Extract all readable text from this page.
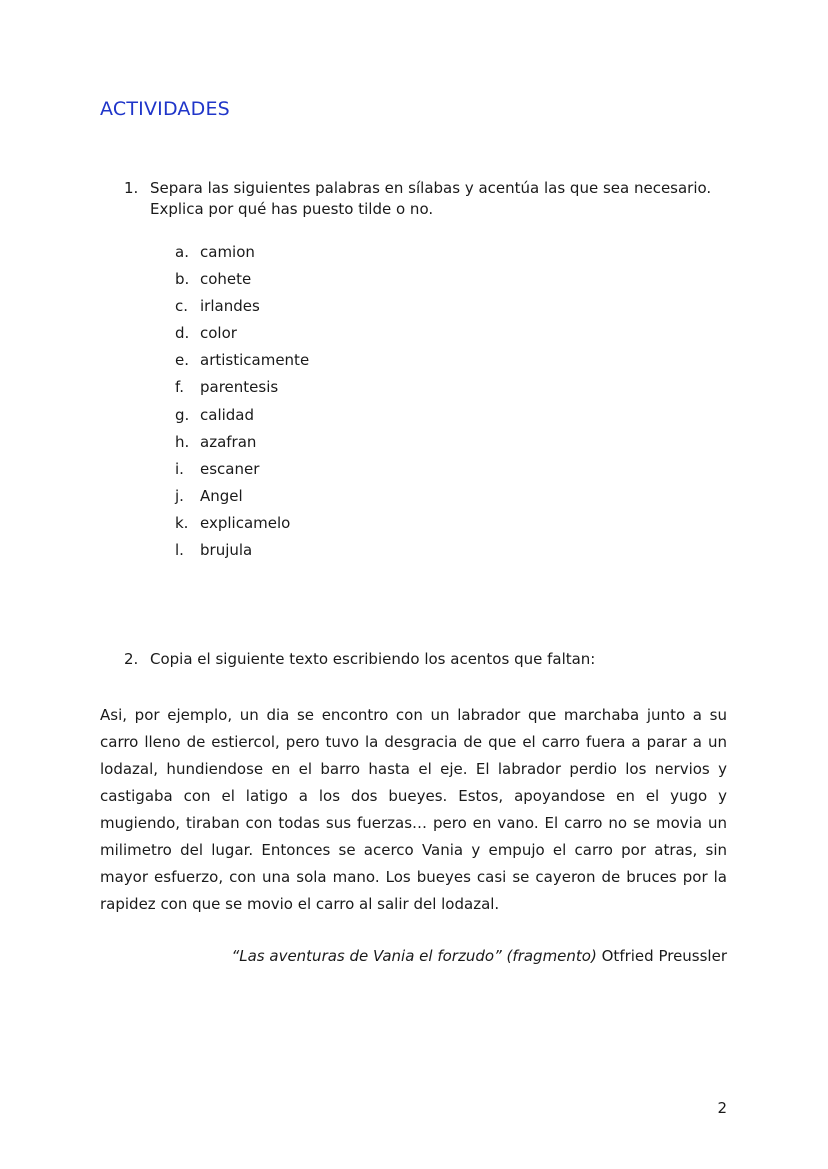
ACTIVIDADES
1. Separa las siguientes palabras en sílabas y acentúa las que sea necesario. Explica por qué has puesto tilde o no.
a. camion
b. cohete
c. irlandes
d. color
e. artisticamente
f. parentesis
g. calidad
h. azafran
i. escaner
j. Angel
k. explicamelo
l. brujula
2. Copia el siguiente texto escribiendo los acentos que faltan:

Asi, por ejemplo, un dia se encontro con un labrador que marchaba junto a su carro lleno de estiercol, pero tuvo la desgracia de que el carro fuera a parar a un lodazal, hundiendose en el barro hasta el eje. El labrador perdio los nervios y castigaba con el latigo a los dos bueyes. Estos, apoyandose en el yugo y mugiendo, tiraban con todas sus fuerzas… pero en vano. El carro no se movia un milimetro del lugar. Entonces se acerco Vania y empujo el carro por atras, sin mayor esfuerzo, con una sola mano. Los bueyes casi se cayeron de bruces por la rapidez con que se movio el carro al salir del lodazal.

“Las aventuras de Vania el forzudo” (fragmento) Otfried Preussler
2
